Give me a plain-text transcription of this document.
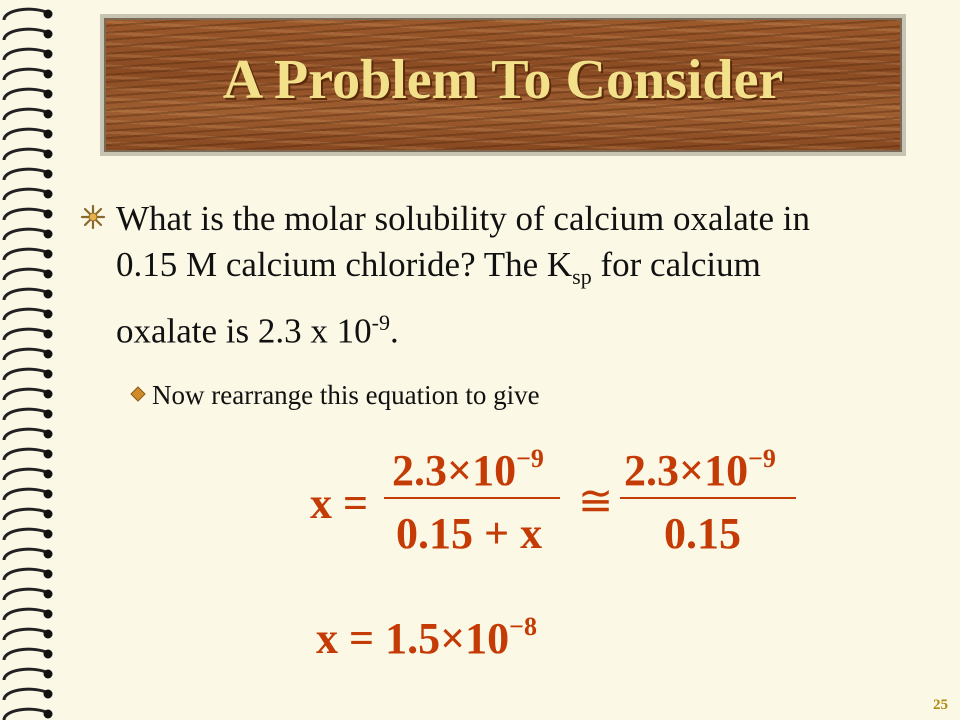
A Problem To Consider
What is the molar solubility of calcium oxalate in 0.15 M calcium chloride? The $K_{sp}$ for calcium oxalate is 2.3 x $10^{-9}$.
Now rearrange this equation to give
x =
$2.3\times 10^{-9}$
0.15 + x
≅
$2.3\times 10^{-9}$
0.15
$x = 1.5\times 10^{-8}$
25
